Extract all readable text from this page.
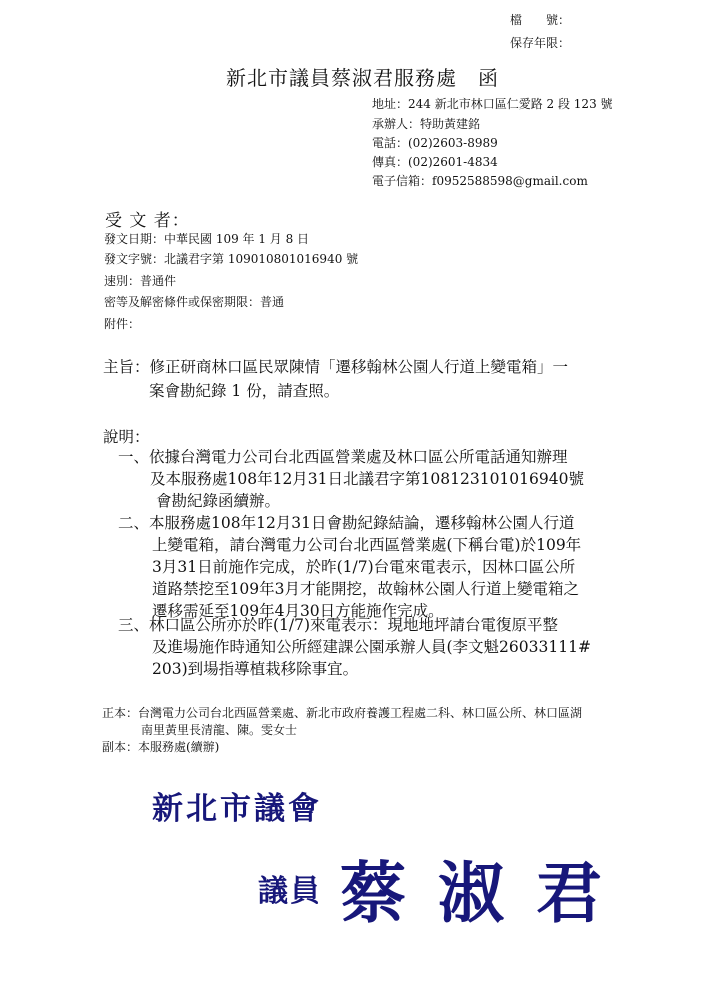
檔　　號：
保存年限：
新北市議員蔡淑君服務處　函
地址：244 新北市林口區仁愛路 2 段 123 號
承辦人：特助黃建銘
電話：(02)2603-8989
傳真：(02)2601-4834
電子信箱：f0952588598@gmail.com
受 文 者：
發文日期：中華民國 109 年 1 月 8 日
發文字號：北議君字第 109010801016940 號
速別：普通件
密等及解密條件或保密期限：普通
附件：
主旨：修正研商林口區民眾陳情「遷移翰林公園人行道上變電箱」一
案會勘紀錄 1 份，請查照。
說明：
一、依據台灣電力公司台北西區營業處及林口區公所電話通知辦理
及本服務處108年12月31日北議君字第108123101016940號
會勘紀錄函續辦。
二、本服務處108年12月31日會勘紀錄結論，遷移翰林公園人行道
上變電箱，請台灣電力公司台北西區營業處(下稱台電)於109年
3月31日前施作完成，於昨(1/7)台電來電表示，因林口區公所
道路禁挖至109年3月才能開挖，故翰林公園人行道上變電箱之
遷移需延至109年4月30日方能施作完成。
三、林口區公所亦於昨(1/7)來電表示：現地地坪請台電復原平整
及進場施作時通知公所經建課公園承辦人員(李文魁26033111#
203)到場指導植栽移除事宜。
正本：台灣電力公司台北西區營業處、新北市政府養護工程處二科、林口區公所、林口區湖
南里黃里長清龍、陳。雯女士
副本：本服務處(續辦)
新北市議會
議員 蔡淑君
